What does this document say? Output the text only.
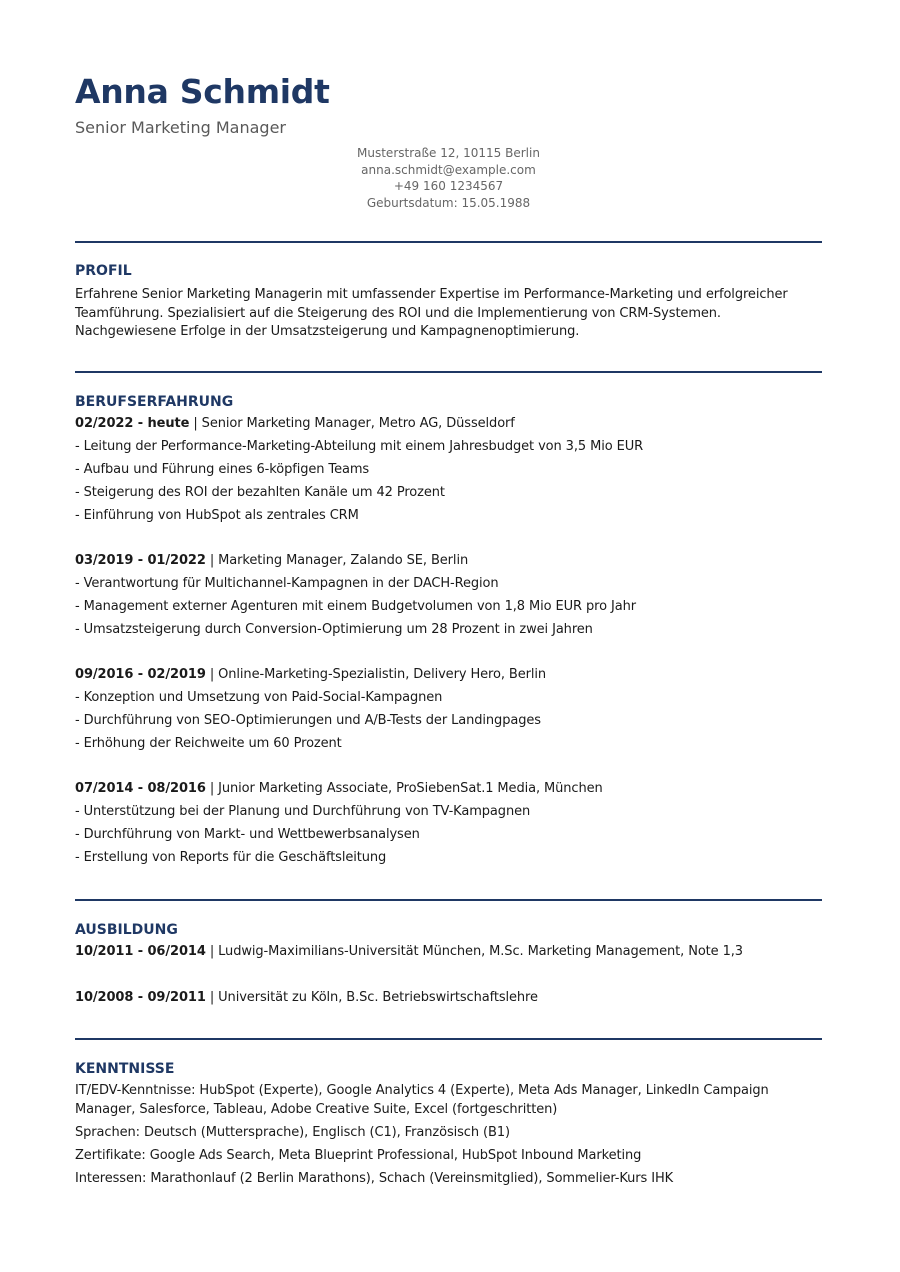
Anna Schmidt
Senior Marketing Manager
Musterstraße 12, 10115 Berlin
anna.schmidt@example.com
+49 160 1234567
Geburtsdatum: 15.05.1988
PROFIL

Erfahrene Senior Marketing Managerin mit umfassender Expertise im Performance-Marketing und erfolgreicher Teamführung. Spezialisiert auf die Steigerung des ROI und die Implementierung von CRM-Systemen. Nachgewiesene Erfolge in der Umsatzsteigerung und Kampagnenoptimierung.

BERUFSERFAHRUNG

02/2022 - heute | Senior Marketing Manager, Metro AG, Düsseldorf

- Leitung der Performance-Marketing-Abteilung mit einem Jahresbudget von 3,5 Mio EUR

- Aufbau und Führung eines 6-köpfigen Teams

- Steigerung des ROI der bezahlten Kanäle um 42 Prozent

- Einführung von HubSpot als zentrales CRM

03/2019 - 01/2022 | Marketing Manager, Zalando SE, Berlin

- Verantwortung für Multichannel-Kampagnen in der DACH-Region

- Management externer Agenturen mit einem Budgetvolumen von 1,8 Mio EUR pro Jahr

- Umsatzsteigerung durch Conversion-Optimierung um 28 Prozent in zwei Jahren

09/2016 - 02/2019 | Online-Marketing-Spezialistin, Delivery Hero, Berlin

- Konzeption und Umsetzung von Paid-Social-Kampagnen

- Durchführung von SEO-Optimierungen und A/B-Tests der Landingpages

- Erhöhung der Reichweite um 60 Prozent

07/2014 - 08/2016 | Junior Marketing Associate, ProSiebenSat.1 Media, München

- Unterstützung bei der Planung und Durchführung von TV-Kampagnen

- Durchführung von Markt- und Wettbewerbsanalysen

- Erstellung von Reports für die Geschäftsleitung

AUSBILDUNG

10/2011 - 06/2014 | Ludwig-Maximilians-Universität München, M.Sc. Marketing Management, Note 1,3

10/2008 - 09/2011 | Universität zu Köln, B.Sc. Betriebswirtschaftslehre

KENNTNISSE

IT/EDV-Kenntnisse: HubSpot (Experte), Google Analytics 4 (Experte), Meta Ads Manager, LinkedIn Campaign Manager, Salesforce, Tableau, Adobe Creative Suite, Excel (fortgeschritten)

Sprachen: Deutsch (Muttersprache), Englisch (C1), Französisch (B1)

Zertifikate: Google Ads Search, Meta Blueprint Professional, HubSpot Inbound Marketing

Interessen: Marathonlauf (2 Berlin Marathons), Schach (Vereinsmitglied), Sommelier-Kurs IHK
